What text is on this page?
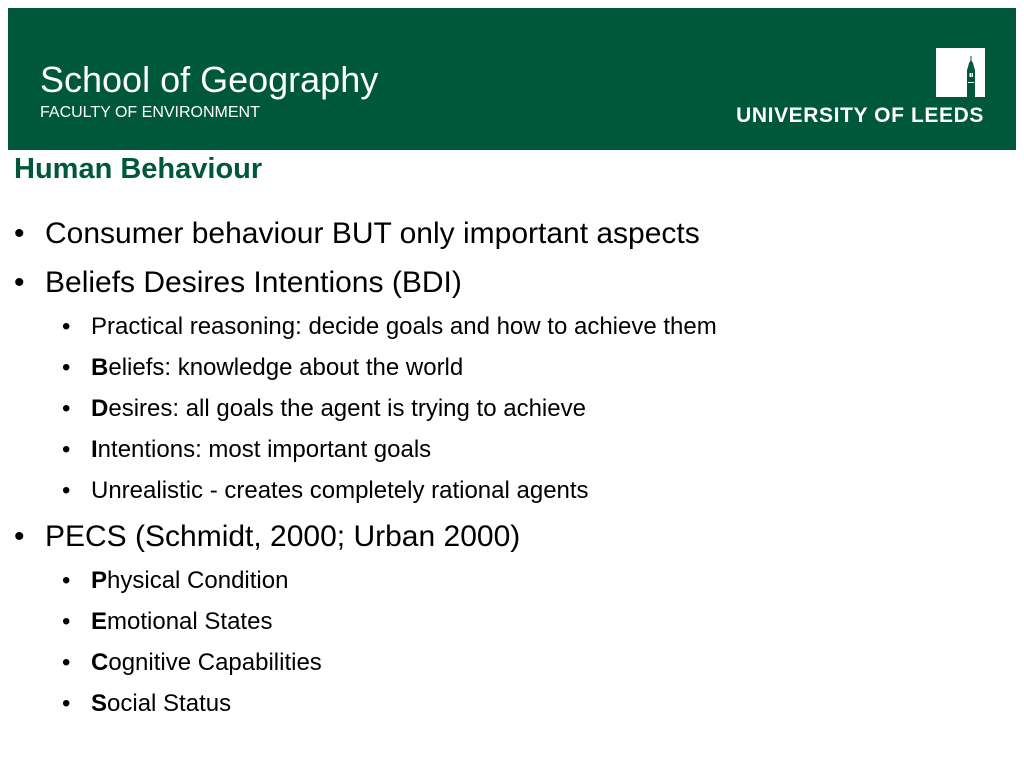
School of Geography
FACULTY OF ENVIRONMENT	UNIVERSITY OF LEEDS
Human Behaviour
• Consumer behaviour BUT only important aspects
• Beliefs Desires Intentions (BDI)
• Practical reasoning: decide goals and how to achieve them
• Beliefs: knowledge about the world
• Desires: all goals the agent is trying to achieve
• Intentions: most important goals
• Unrealistic - creates completely rational agents
• PECS (Schmidt, 2000; Urban 2000)
• Physical Condition
• Emotional States
• Cognitive Capabilities
• Social Status
